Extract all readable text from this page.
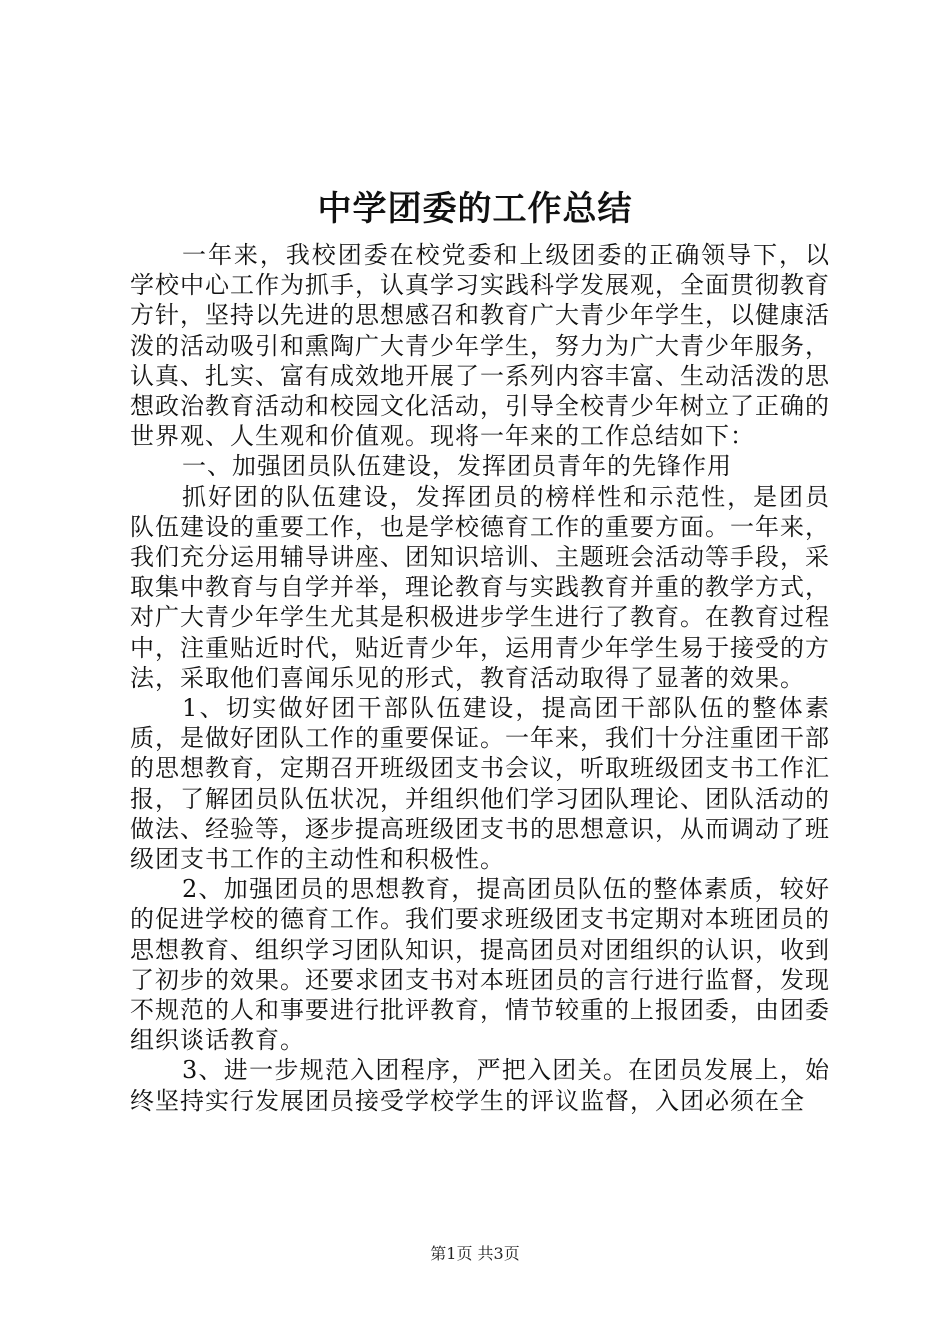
中学团委的工作总结

一年来，我校团委在校党委和上级团委的正确领导下，以学校中心工作为抓手，认真学习实践科学发展观，全面贯彻教育方针，坚持以先进的思想感召和教育广大青少年学生，以健康活泼的活动吸引和熏陶广大青少年学生，努力为广大青少年服务，认真、扎实、富有成效地开展了一系列内容丰富、生动活泼的思想政治教育活动和校园文化活动，引导全校青少年树立了正确的世界观、人生观和价值观。现将一年来的工作总结如下：

一、加强团员队伍建设，发挥团员青年的先锋作用

抓好团的队伍建设，发挥团员的榜样性和示范性，是团员队伍建设的重要工作，也是学校德育工作的重要方面。一年来，我们充分运用辅导讲座、团知识培训、主题班会活动等手段，采取集中教育与自学并举，理论教育与实践教育并重的教学方式，对广大青少年学生尤其是积极进步学生进行了教育。在教育过程中，注重贴近时代，贴近青少年，运用青少年学生易于接受的方法，采取他们喜闻乐见的形式，教育活动取得了显著的效果。

1、切实做好团干部队伍建设，提高团干部队伍的整体素质，是做好团队工作的重要保证。一年来，我们十分注重团干部的思想教育，定期召开班级团支书会议，听取班级团支书工作汇报，了解团员队伍状况，并组织他们学习团队理论、团队活动的做法、经验等，逐步提高班级团支书的思想意识，从而调动了班级团支书工作的主动性和积极性。

2、加强团员的思想教育，提高团员队伍的整体素质，较好的促进学校的德育工作。我们要求班级团支书定期对本班团员的思想教育、组织学习团队知识，提高团员对团组织的认识，收到了初步的效果。还要求团支书对本班团员的言行进行监督，发现不规范的人和事要进行批评教育，情节较重的上报团委，由团委组织谈话教育。

3、进一步规范入团程序，严把入团关。在团员发展上，始终坚持实行发展团员接受学校学生的评议监督，入团必须在全

第1页 共3页
